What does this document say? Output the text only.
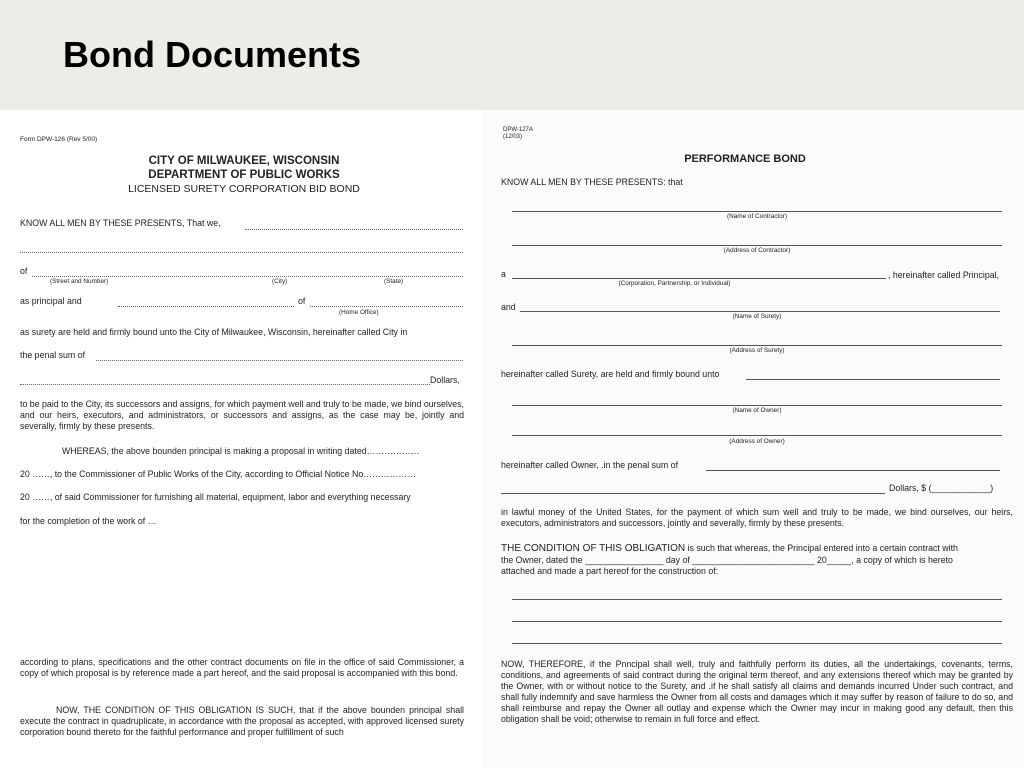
Bond Documents
Form DPW-126 (Rev 5/00)
CITY OF MILWAUKEE, WISCONSIN
DEPARTMENT OF PUBLIC WORKS
LICENSED SURETY CORPORATION BID BOND
KNOW ALL MEN BY THESE PRESENTS, That we,
of
(Street and Number)	(City)	(State)
as principal and	of
(Home Office)
as surety are held and firmly bound unto the City of Milwaukee, Wisconsin, hereinafter called City in
the penal sum of
Dollars,
to be paid to the City, its successors and assigns, for which payment well and truly to be made, we bind ourselves, and our heirs, executors, and administrators, or successors and assigns, as the case may be, jointly and severally, firmly by these presents.
WHEREAS, the above bounden principal is making a proposal in writing dated………………
20 ……, to the Commissioner of Public Works of the City, according to Official Notice No………………
20 ……, of said Commissioner for furnishing all material, equipment, labor and everything necessary
for the completion of the work of …
according to plans, specifications and the other contract documents on file in the office of said Commissioner, a copy of which proposal is by reference made a part hereof, and the said proposal is accompanied with this bond.
NOW, THE CONDITION OF THIS OBLIGATION IS SUCH, that if the above bounden principal shall execute the contract in quadruplicate, in accordance with the proposal as accepted, with approved licensed surety corporation bound thereto for the faithful performance and proper fulfillment of such
DPW-127A
(12/03)
PERFORMANCE BOND
KNOW ALL MEN BY THESE PRESENTS: that
(Name of Contractor)
(Address of Contractor)
a	, hereinafter called Principal,
(Corporation, Partnership, or Individual)
and
(Name of Surety)
(Address of Surety)
hereinafter called Surety, are held and firmly bound unto
(Name of Owner)
(Address of Owner)
hereinafter called Owner, .in the penal sum of
Dollars, $ (____________)
in lawful money of the United States, for the payment of which sum well and truly to be made, we bind ourselves, our heirs, executors, administrators and successors, jointly and severally, firmly by these presents.
THE CONDITION OF THIS OBLIGATION is such that whereas, the Principal entered into a certain contract with
the Owner, dated the ________________ day of _________________________ 20_____, a copy of which is hereto
attached and made a part hereof for the construction of:
NOW, THEREFORE, if the Pnncipal shall well, truly and faithfully perform its duties, all the undertakings, covenants, terms, conditions, and agreements of said contract during the original term thereof, and any extensions thereof which may be granted by the Owner, with or without notice to the Surety, and .if he shall satisfy all claims and demands incurred Under such contract, and shall fully indemnify and save harmless the Owner from all costs and damages which it may suffer by reason of failure to do so, and shall reimburse and repay the Owner all outlay and expense which the Owner may incur in making good any default, then this obligation shall be void; otherwise to remain in full force and effect.
